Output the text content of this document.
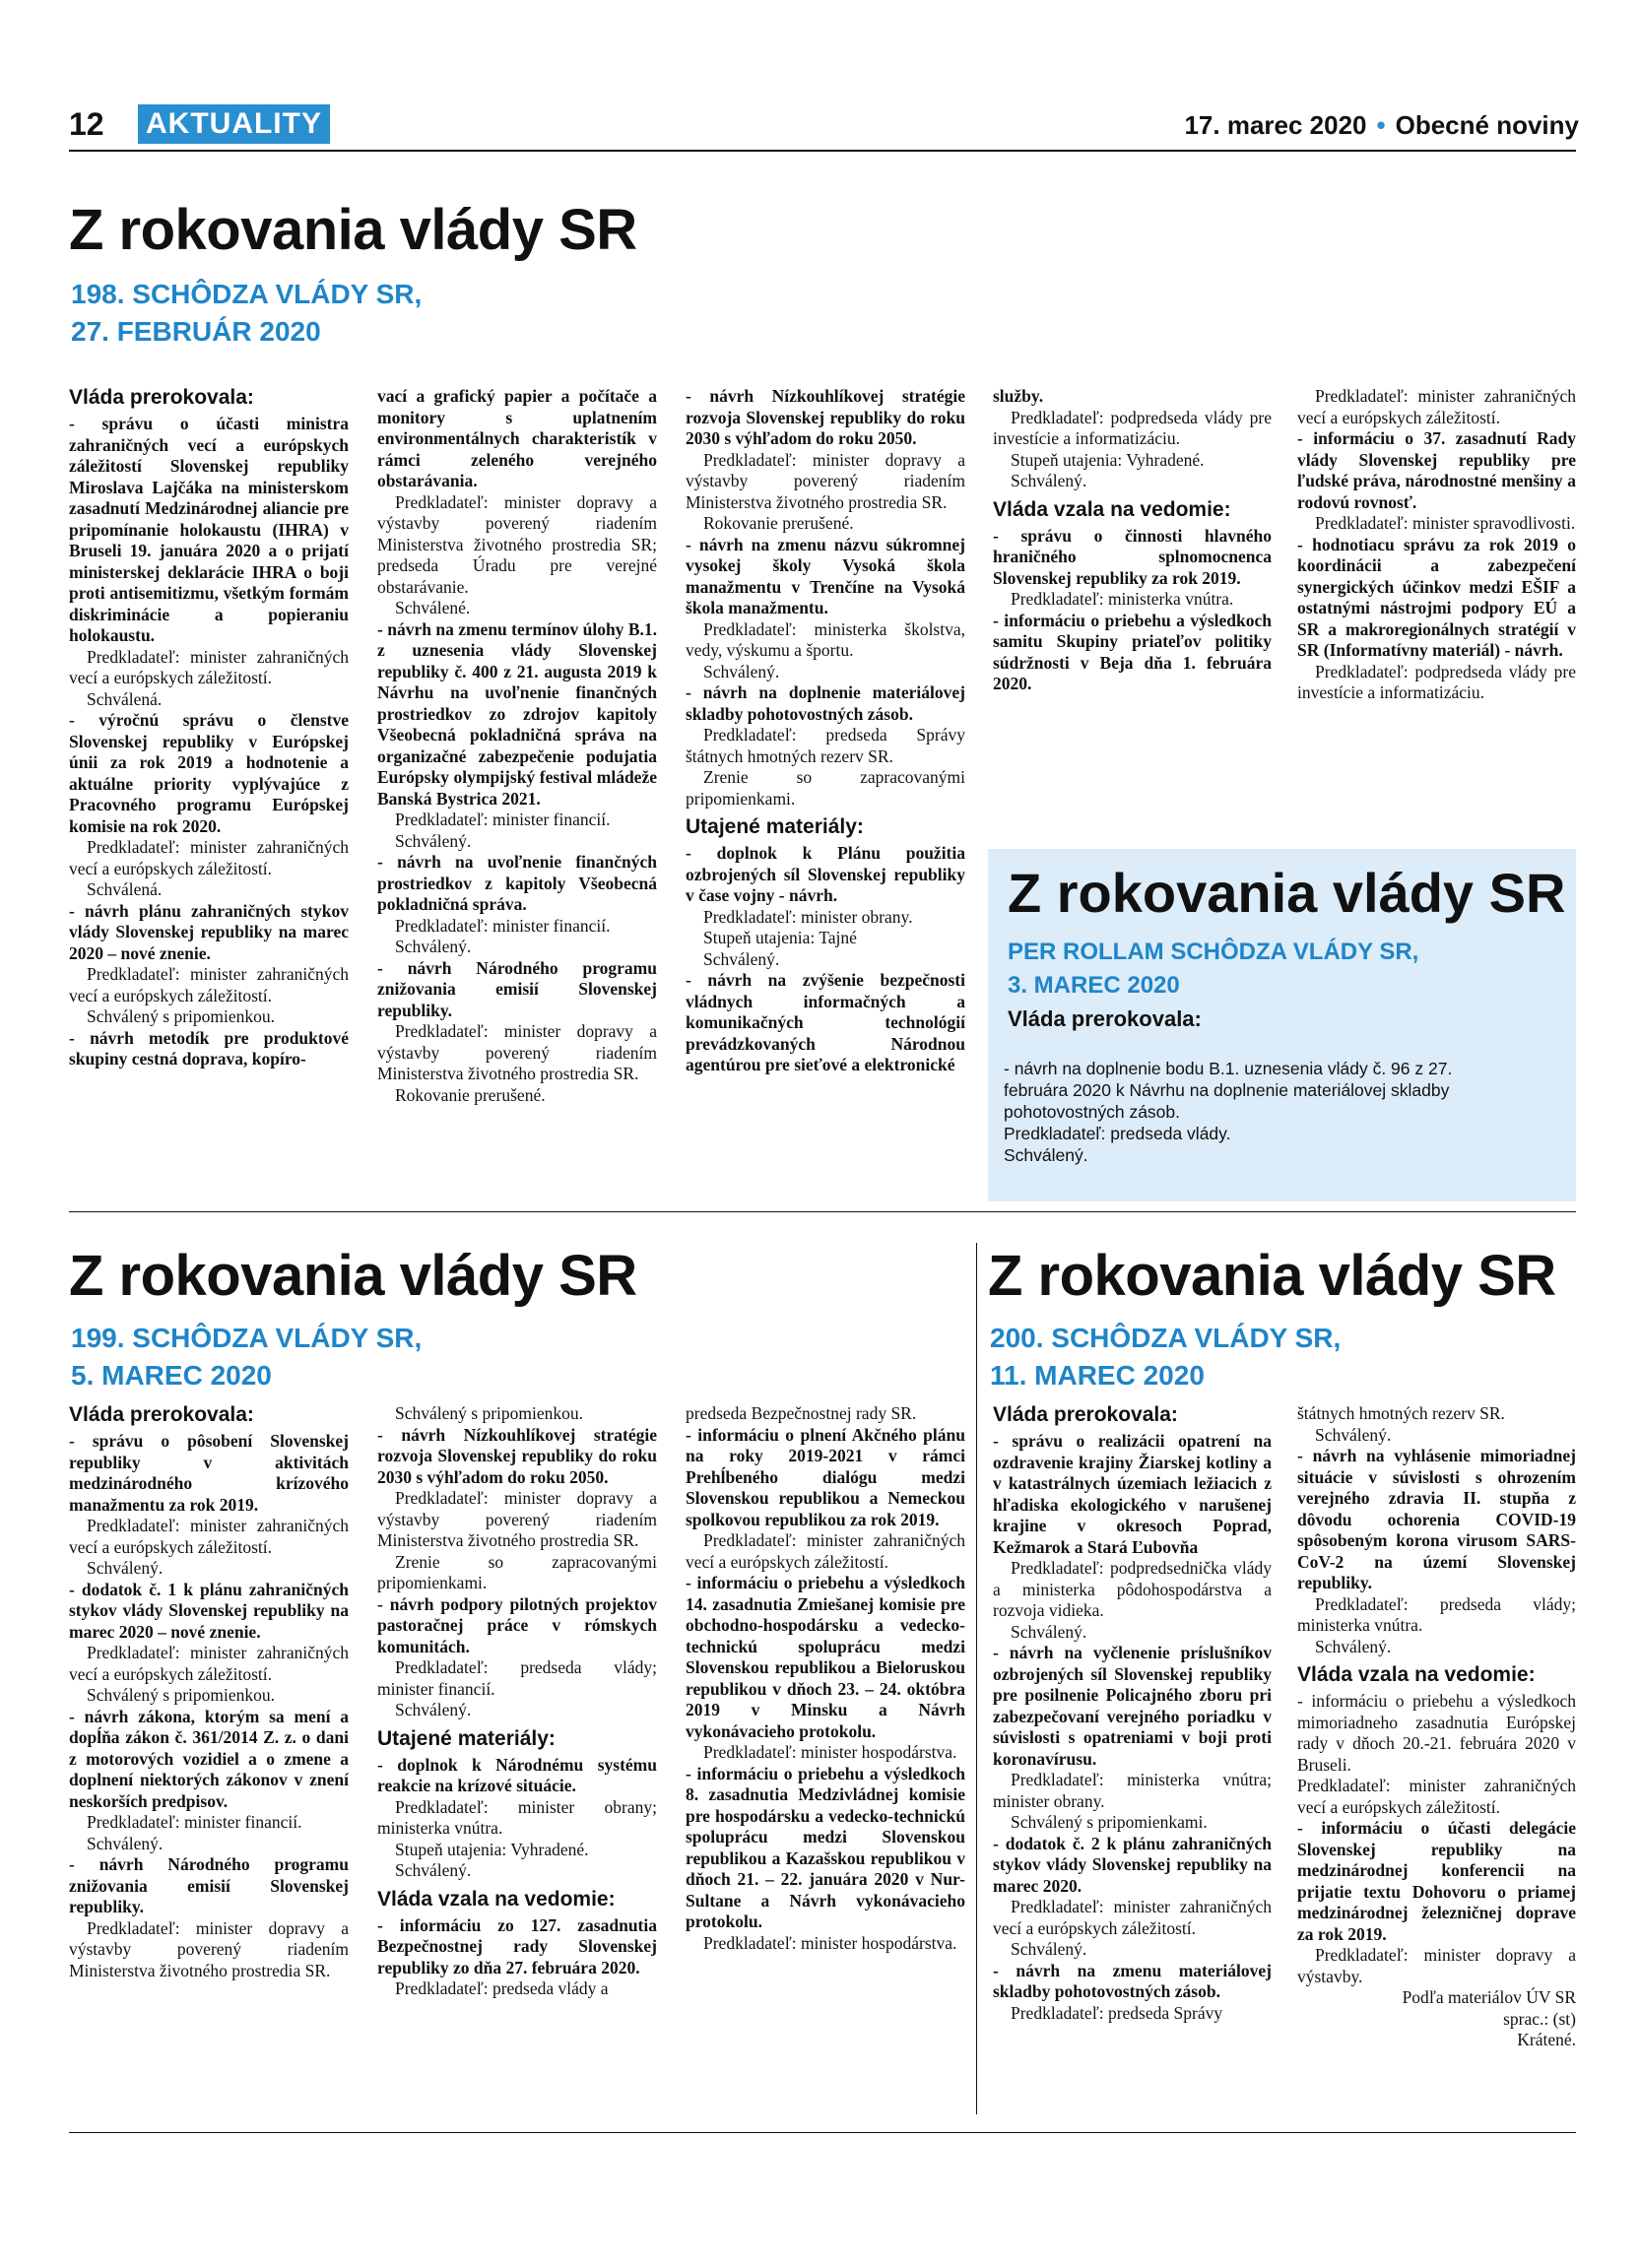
12 AKTUALITY	17. marec 2020 • Obecné noviny
Z rokovania vlády SR
198. SCHÔDZA VLÁDY SR,
27. FEBRUÁR 2020
Vláda prerokovala:

- správu o účasti ministra zahraničných vecí a európskych záležitostí Slovenskej republiky Miroslava Lajčáka na ministerskom zasadnutí Medzinárodnej aliancie pre pripomínanie holokaustu (IHRA) v Bruseli 19. januára 2020 a o prijatí ministerskej deklarácie IHRA o boji proti antisemitizmu, všetkým formám diskriminácie a popieraniu holokaustu.

Predkladateľ: minister zahraničných vecí a európskych záležitostí.

Schválená.

- výročnú správu o členstve Slovenskej republiky v Európskej únii za rok 2019 a hodnotenie a aktuálne priority vyplývajúce z Pracovného programu Európskej komisie na rok 2020.

Predkladateľ: minister zahraničných vecí a európskych záležitostí.

Schválená.

- návrh plánu zahraničných stykov vlády Slovenskej republiky na marec 2020 – nové znenie.

Predkladateľ: minister zahraničných vecí a európskych záležitostí.

Schválený s pripomienkou.

- návrh metodík pre produktové skupiny cestná doprava, kopíro-

vací a grafický papier a počítače a monitory s uplatnením environmentálnych charakteristík v rámci zeleného verejného obstarávania.

Predkladateľ: minister dopravy a výstavby poverený riadením Ministerstva životného prostredia SR; predseda Úradu pre verejné obstarávanie.

Schválené.

- návrh na zmenu termínov úlohy B.1. z uznesenia vlády Slovenskej republiky č. 400 z 21. augusta 2019 k Návrhu na uvoľnenie finančných prostriedkov zo zdrojov kapitoly Všeobecná pokladničná správa na organizačné zabezpečenie podujatia Európsky olympijský festival mládeže Banská Bystrica 2021.

Predkladateľ: minister financií.

Schválený.

- návrh na uvoľnenie finančných prostriedkov z kapitoly Všeobecná pokladničná správa.

Predkladateľ: minister financií.

Schválený.

- návrh Národného programu znižovania emisií Slovenskej republiky.

Predkladateľ: minister dopravy a výstavby poverený riadením Ministerstva životného prostredia SR.

Rokovanie prerušené.

- návrh Nízkouhlíkovej stratégie rozvoja Slovenskej republiky do roku 2030 s výhľadom do roku 2050.

Predkladateľ: minister dopravy a výstavby poverený riadením Ministerstva životného prostredia SR.

Rokovanie prerušené.

- návrh na zmenu názvu súkromnej vysokej školy Vysoká škola manažmentu v Trenčíne na Vysoká škola manažmentu.

Predkladateľ: ministerka školstva, vedy, výskumu a športu.

Schválený.

- návrh na doplnenie materiálovej skladby pohotovostných zásob.

Predkladateľ: predseda Správy štátnych hmotných rezerv SR.

Zrenie so zapracovanými pripomienkami.

Utajené materiály:

- doplnok k Plánu použitia ozbrojených síl Slovenskej republiky v čase vojny - návrh.

Predkladateľ: minister obrany.

Stupeň utajenia: Tajné

Schválený.

- návrh na zvýšenie bezpečnosti vládnych informačných a komunikačných technológií prevádzkovaných Národnou agentúrou pre sieťové a elektronické

služby.

Predkladateľ: podpredseda vlády pre investície a informatizáciu.

Stupeň utajenia: Vyhradené.

Schválený.

Vláda vzala na vedomie:

- správu o činnosti hlavného hraničného splnomocnenca Slovenskej republiky za rok 2019.

Predkladateľ: ministerka vnútra.

- informáciu o priebehu a výsledkoch samitu Skupiny priateľov politiky súdržnosti v Beja dňa 1. februára 2020.

Predkladateľ: minister zahraničných vecí a európskych záležitostí.

- informáciu o 37. zasadnutí Rady vlády Slovenskej republiky pre ľudské práva, národnostné menšiny a rodovú rovnosť.

Predkladateľ: minister spravodlivosti.

- hodnotiacu správu za rok 2019 o koordinácii a zabezpečení synergických účinkov medzi EŠIF a ostatnými nástrojmi podpory EÚ a SR a makroregionálnych stratégií v SR (Informatívny materiál) - návrh.

Predkladateľ: podpredseda vlády pre investície a informatizáciu.

Z rokovania vlády SR
PER ROLLAM SCHÔDZA VLÁDY SR,
3. MAREC 2020
Vláda prerokovala:
- návrh na doplnenie bodu B.1. uznesenia vlády č. 96 z 27.
februára 2020 k Návrhu na doplnenie materiálovej skladby
pohotovostných zásob.
Predkladateľ: predseda vlády.
Schválený.
Z rokovania vlády SR
199. SCHÔDZA VLÁDY SR,
5. MAREC 2020
Vláda prerokovala:

- správu o pôsobení Slovenskej republiky v aktivitách medzinárodného krízového manažmentu za rok 2019.

Predkladateľ: minister zahraničných vecí a európskych záležitostí.

Schválený.

- dodatok č. 1 k plánu zahraničných stykov vlády Slovenskej republiky na marec 2020 – nové znenie.

Predkladateľ: minister zahraničných vecí a európskych záležitostí.

Schválený s pripomienkou.

- návrh zákona, ktorým sa mení a dopĺňa zákon č. 361/2014 Z. z. o dani z motorových vozidiel a o zmene a doplnení niektorých zákonov v znení neskorších predpisov.

Predkladateľ: minister financií.

Schválený.

- návrh Národného programu znižovania emisií Slovenskej republiky.

Predkladateľ: minister dopravy a výstavby poverený riadením Ministerstva životného prostredia SR.

Schválený s pripomienkou.

- návrh Nízkouhlíkovej stratégie rozvoja Slovenskej republiky do roku 2030 s výhľadom do roku 2050.

Predkladateľ: minister dopravy a výstavby poverený riadením Ministerstva životného prostredia SR.

Zrenie so zapracovanými pripomienkami.

- návrh podpory pilotných projektov pastoračnej práce v rómskych komunitách.

Predkladateľ: predseda vlády; minister financií.

Schválený.

Utajené materiály:

- doplnok k Národnému systému reakcie na krízové situácie.

Predkladateľ: minister obrany; ministerka vnútra.

Stupeň utajenia: Vyhradené.

Schválený.

Vláda vzala na vedomie:

- informáciu zo 127. zasadnutia Bezpečnostnej rady Slovenskej republiky zo dňa 27. februára 2020.

Predkladateľ: predseda vlády a

predseda Bezpečnostnej rady SR.

- informáciu o plnení Akčného plánu na roky 2019-2021 v rámci Prehĺbeného dialógu medzi Slovenskou republikou a Nemeckou spolkovou republikou za rok 2019.

Predkladateľ: minister zahraničných vecí a európskych záležitostí.

- informáciu o priebehu a výsledkoch 14. zasadnutia Zmiešanej komisie pre obchodno-hospodársku a vedecko-technickú spoluprácu medzi Slovenskou republikou a Bieloruskou republikou v dňoch 23. – 24. októbra 2019 v Minsku a Návrh vykonávacieho protokolu.

Predkladateľ: minister hospodárstva.

- informáciu o priebehu a výsledkoch 8. zasadnutia Medzivládnej komisie pre hospodársku a vedecko-technickú spoluprácu medzi Slovenskou republikou a Kazašskou republikou v dňoch 21. – 22. januára 2020 v Nur-Sultane a Návrh vykonávacieho protokolu.

Predkladateľ: minister hospodárstva.

Z rokovania vlády SR
200. SCHÔDZA VLÁDY SR,
11. MAREC 2020
Vláda prerokovala:

- správu o realizácii opatrení na ozdravenie krajiny Žiarskej kotliny a v katastrálnych územiach ležiacich z hľadiska ekologického v narušenej krajine v okresoch Poprad, Kežmarok a Stará Ľubovňa

Predkladateľ: podpredsednička vlády a ministerka pôdohospodárstva a rozvoja vidieka.

Schválený.

- návrh na vyčlenenie príslušníkov ozbrojených síl Slovenskej republiky pre posilnenie Policajného zboru pri zabezpečovaní verejného poriadku v súvislosti s opatreniami v boji proti koronavírusu.

Predkladateľ: ministerka vnútra; minister obrany.

Schválený s pripomienkami.

- dodatok č. 2 k plánu zahraničných stykov vlády Slovenskej republiky na marec 2020.

Predkladateľ: minister zahraničných vecí a európskych záležitostí.

Schválený.

- návrh na zmenu materiálovej skladby pohotovostných zásob.

Predkladateľ: predseda Správy

štátnych hmotných rezerv SR.

Schválený.

- návrh na vyhlásenie mimoriadnej situácie v súvislosti s ohrozením verejného zdravia II. stupňa z dôvodu ochorenia COVID-19 spôsobeným korona virusom SARS-CoV-2 na území Slovenskej republiky.

Predkladateľ: predseda vlády; ministerka vnútra.

Schválený.

Vláda vzala na vedomie:

- informáciu o priebehu a výsledkoch mimoriadneho zasadnutia Európskej rady v dňoch 20.-21. februára 2020 v Bruseli.

Predkladateľ: minister zahraničných vecí a európskych záležitostí.

- informáciu o účasti delegácie Slovenskej republiky na medzinárodnej konferencii na prijatie textu Dohovoru o priamej medzinárodnej železničnej doprave za rok 2019.

Predkladateľ: minister dopravy a výstavby.

Podľa materiálov ÚV SR

sprac.: (st)

Krátené.
